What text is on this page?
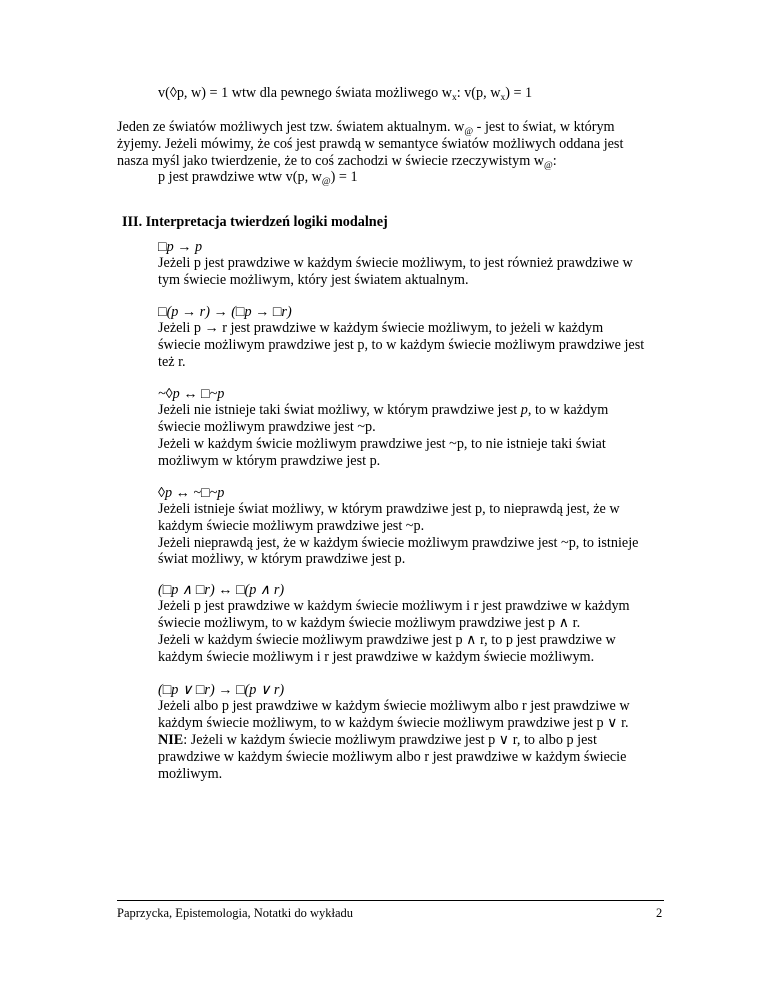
v(◊p, w) = 1 wtw dla pewnego świata możliwego $w_x$: v(p, $w_x) = 1$
Jeden ze światów możliwych jest tzw. światem aktualnym. $w_@$ - jest to świat, w którym
żyjemy. Jeżeli mówimy, że coś jest prawdą w semantyce światów możliwych oddana jest
nasza myśl jako twierdzenie, że to coś zachodzi w świecie rzeczywistym $w_@$:
p jest prawdziwe wtw v(p, $w_@) = 1$
III. Interpretacja twierdzeń logiki modalnej
□p → p
Jeżeli p jest prawdziwe w każdym świecie możliwym, to jest również prawdziwe w
tym świecie możliwym, który jest światem aktualnym.
□(p → r) → (□p → □r)
Jeżeli p → r jest prawdziwe w każdym świecie możliwym, to jeżeli w każdym
świecie możliwym prawdziwe jest p, to w każdym świecie możliwym prawdziwe jest
też r.
~◊p ↔ □~p
Jeżeli nie istnieje taki świat możliwy, w którym prawdziwe jest p, to w każdym
świecie możliwym prawdziwe jest ~p.
Jeżeli w każdym świcie możliwym prawdziwe jest ~p, to nie istnieje taki świat
możliwym w którym prawdziwe jest p.
◊p ↔ ~□~p
Jeżeli istnieje świat możliwy, w którym prawdziwe jest p, to nieprawdą jest, że w
każdym świecie możliwym prawdziwe jest ~p.
Jeżeli nieprawdą jest, że w każdym świecie możliwym prawdziwe jest ~p, to istnieje
świat możliwy, w którym prawdziwe jest p.
(□p ∧ □r) ↔ □(p ∧ r)
Jeżeli p jest prawdziwe w każdym świecie możliwym i r jest prawdziwe w każdym
świecie możliwym, to w każdym świecie możliwym prawdziwe jest p ∧ r.
Jeżeli w każdym świecie możliwym prawdziwe jest p ∧ r, to p jest prawdziwe w
każdym świecie możliwym i r jest prawdziwe w każdym świecie możliwym.
(□p ∨ □r) → □(p ∨ r)
Jeżeli albo p jest prawdziwe w każdym świecie możliwym albo r jest prawdziwe w
każdym świecie możliwym, to w każdym świecie możliwym prawdziwe jest p ∨ r.
NIE: Jeżeli w każdym świecie możliwym prawdziwe jest p ∨ r, to albo p jest
prawdziwe w każdym świecie możliwym albo r jest prawdziwe w każdym świecie
możliwym.
Paprzycka, Epistemologia, Notatki do wykładu	2
